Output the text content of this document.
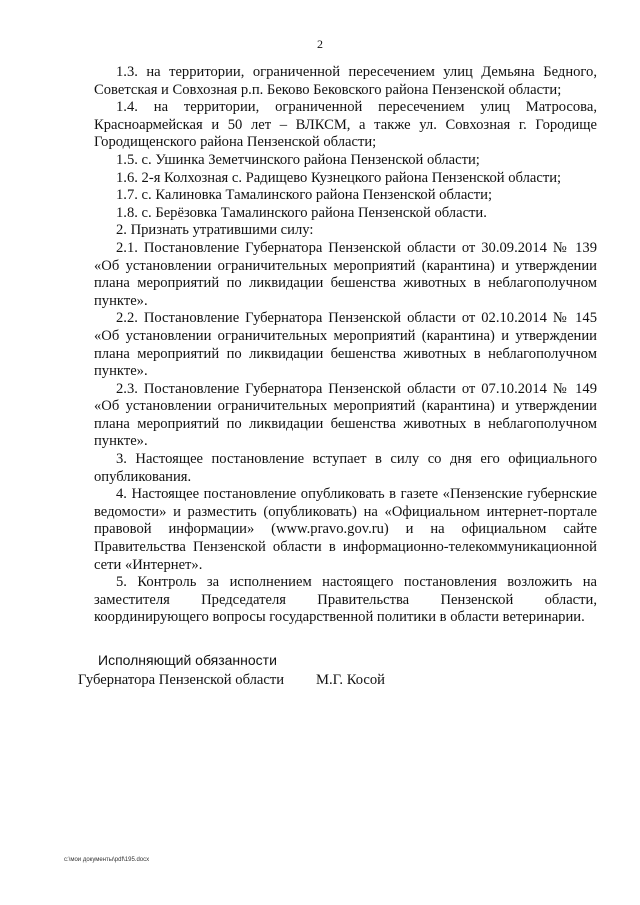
2

1.3. на территории, ограниченной пересечением улиц Демьяна Бедного, Советская и Совхозная р.п. Беково Бековского района Пензенской области;

1.4. на территории, ограниченной пересечением улиц Матросова, Красноармейская и 50 лет – ВЛКСМ, а также ул. Совхозная г. Городище Городищенского района Пензенской области;

1.5. с. Ушинка Земетчинского района Пензенской области;

1.6. 2-я Колхозная с. Радищево Кузнецкого района Пензенской области;

1.7. с. Калиновка Тамалинского района Пензенской области;

1.8. с. Берёзовка Тамалинского района Пензенской области.

2. Признать утратившими силу:

2.1. Постановление Губернатора Пензенской области от 30.09.2014 № 139 «Об установлении ограничительных мероприятий (карантина) и утверждении плана мероприятий по ликвидации бешенства животных в неблагополучном пункте».

2.2. Постановление Губернатора Пензенской области от 02.10.2014 № 145 «Об установлении ограничительных мероприятий (карантина) и утверждении плана мероприятий по ликвидации бешенства животных в неблагополучном пункте».

2.3. Постановление Губернатора Пензенской области от 07.10.2014 № 149 «Об установлении ограничительных мероприятий (карантина) и утверждении плана мероприятий по ликвидации бешенства животных в неблагополучном пункте».

3. Настоящее постановление вступает в силу со дня его официального опубликования.

4. Настоящее постановление опубликовать в газете «Пензенские губернские ведомости» и разместить (опубликовать) на «Официальном интернет-портале правовой информации» (www.pravo.gov.ru) и на официальном сайте Правительства Пензенской области в информационно-телекоммуникационной сети «Интернет».

5. Контроль за исполнением настоящего постановления возложить на заместителя Председателя Правительства Пензенской области, координирующего вопросы государственной политики в области ветеринарии.

Исполняющий обязанности
Губернатора Пензенской области М.Г. Косой
c:\мои документы\pdf\195.docx
